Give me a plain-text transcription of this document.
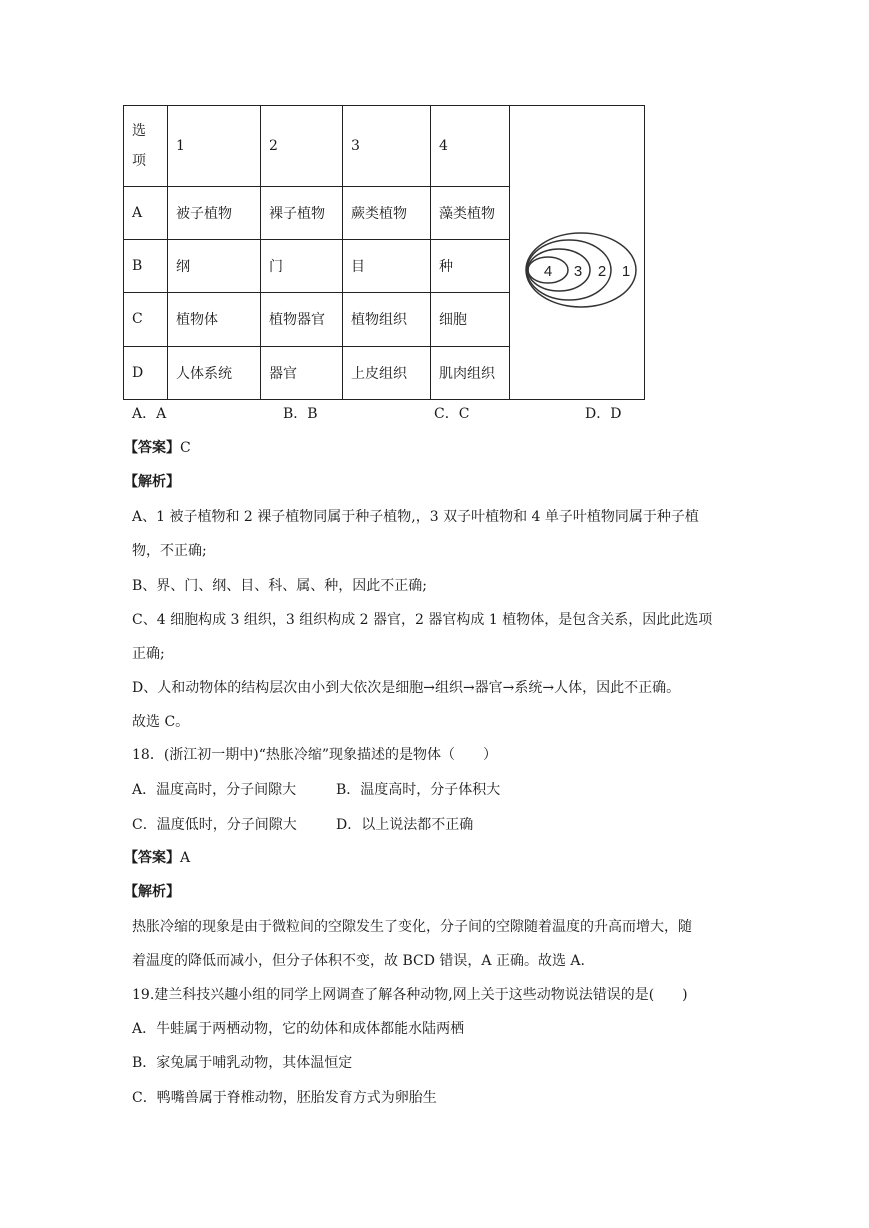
选
项	1	2	3	4	4 3 2 1

A	被子植物	裸子植物	蕨类植物	藻类植物	
B	纲	门	目	种	
C	植物体	植物器官	植物组织	细胞	
D	人体系统	器官	上皮组织	肌肉组织	
A．A	B．B	C．C	D．D
【答案】C
【解析】
A、1 被子植物和 2 裸子植物同属于种子植物,，3 双子叶植物和 4 单子叶植物同属于种子植
物，不正确;
B、界、门、纲、目、科、属、种，因此不正确;
C、4 细胞构成 3 组织，3 组织构成 2 器官，2 器官构成 1 植物体，是包含关系，因此此选项
正确;
D、人和动物体的结构层次由小到大依次是细胞→组织→器官→系统→人体，因此不正确。
故选 C。
18．(浙江初一期中)“热胀冷缩”现象描述的是物体（　　）
A．温度高时，分子间隙大	B．温度高时，分子体积大
C．温度低时，分子间隙大	D．以上说法都不正确
【答案】A
【解析】
热胀冷缩的现象是由于微粒间的空隙发生了变化，分子间的空隙随着温度的升高而增大，随
着温度的降低而减小，但分子体积不变，故 BCD 错误，A 正确。故选 A.
19.建兰科技兴趣小组的同学上网调查了解各种动物,网上关于这些动物说法错误的是(　　)
A．牛蛙属于两栖动物，它的幼体和成体都能水陆两栖
B．家兔属于哺乳动物，其体温恒定
C．鸭嘴兽属于脊椎动物，胚胎发育方式为卵胎生
